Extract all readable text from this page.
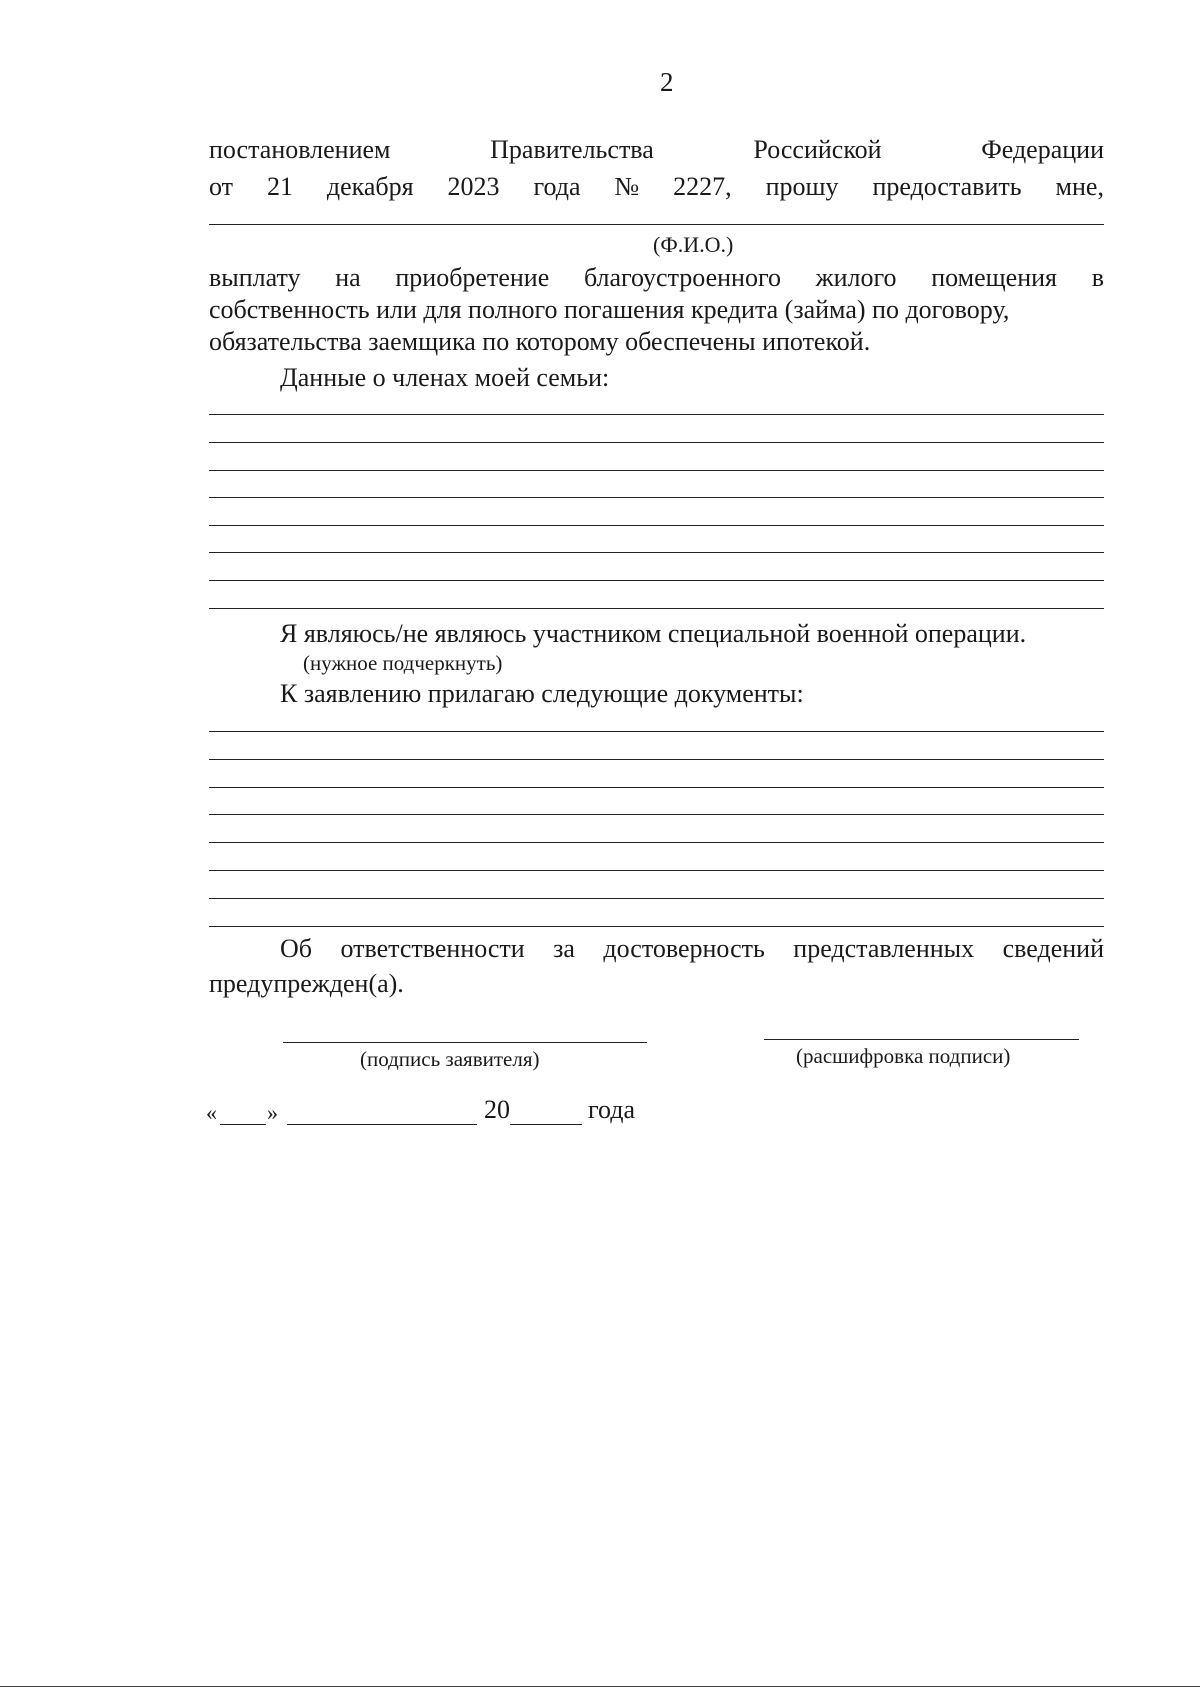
2
постановлением	Правительства	Российской	Федерации
от 21 декабря 2023 года № 2227, прошу предоставить мне,
(Ф.И.О.)
выплату на приобретение благоустроенного жилого помещения в
собственность или для полного погашения кредита (займа) по договору,
обязательства заемщика по которому обеспечены ипотекой.
Данные о членах моей семьи:
Я являюсь/не являюсь участником специальной военной операции.
(нужное подчеркнуть)
К заявлению прилагаю следующие документы:
Об ответственности за достоверность представленных сведений
предупрежден(а).
(подпись заявителя)	(расшифровка подписи)
« »	20	года
